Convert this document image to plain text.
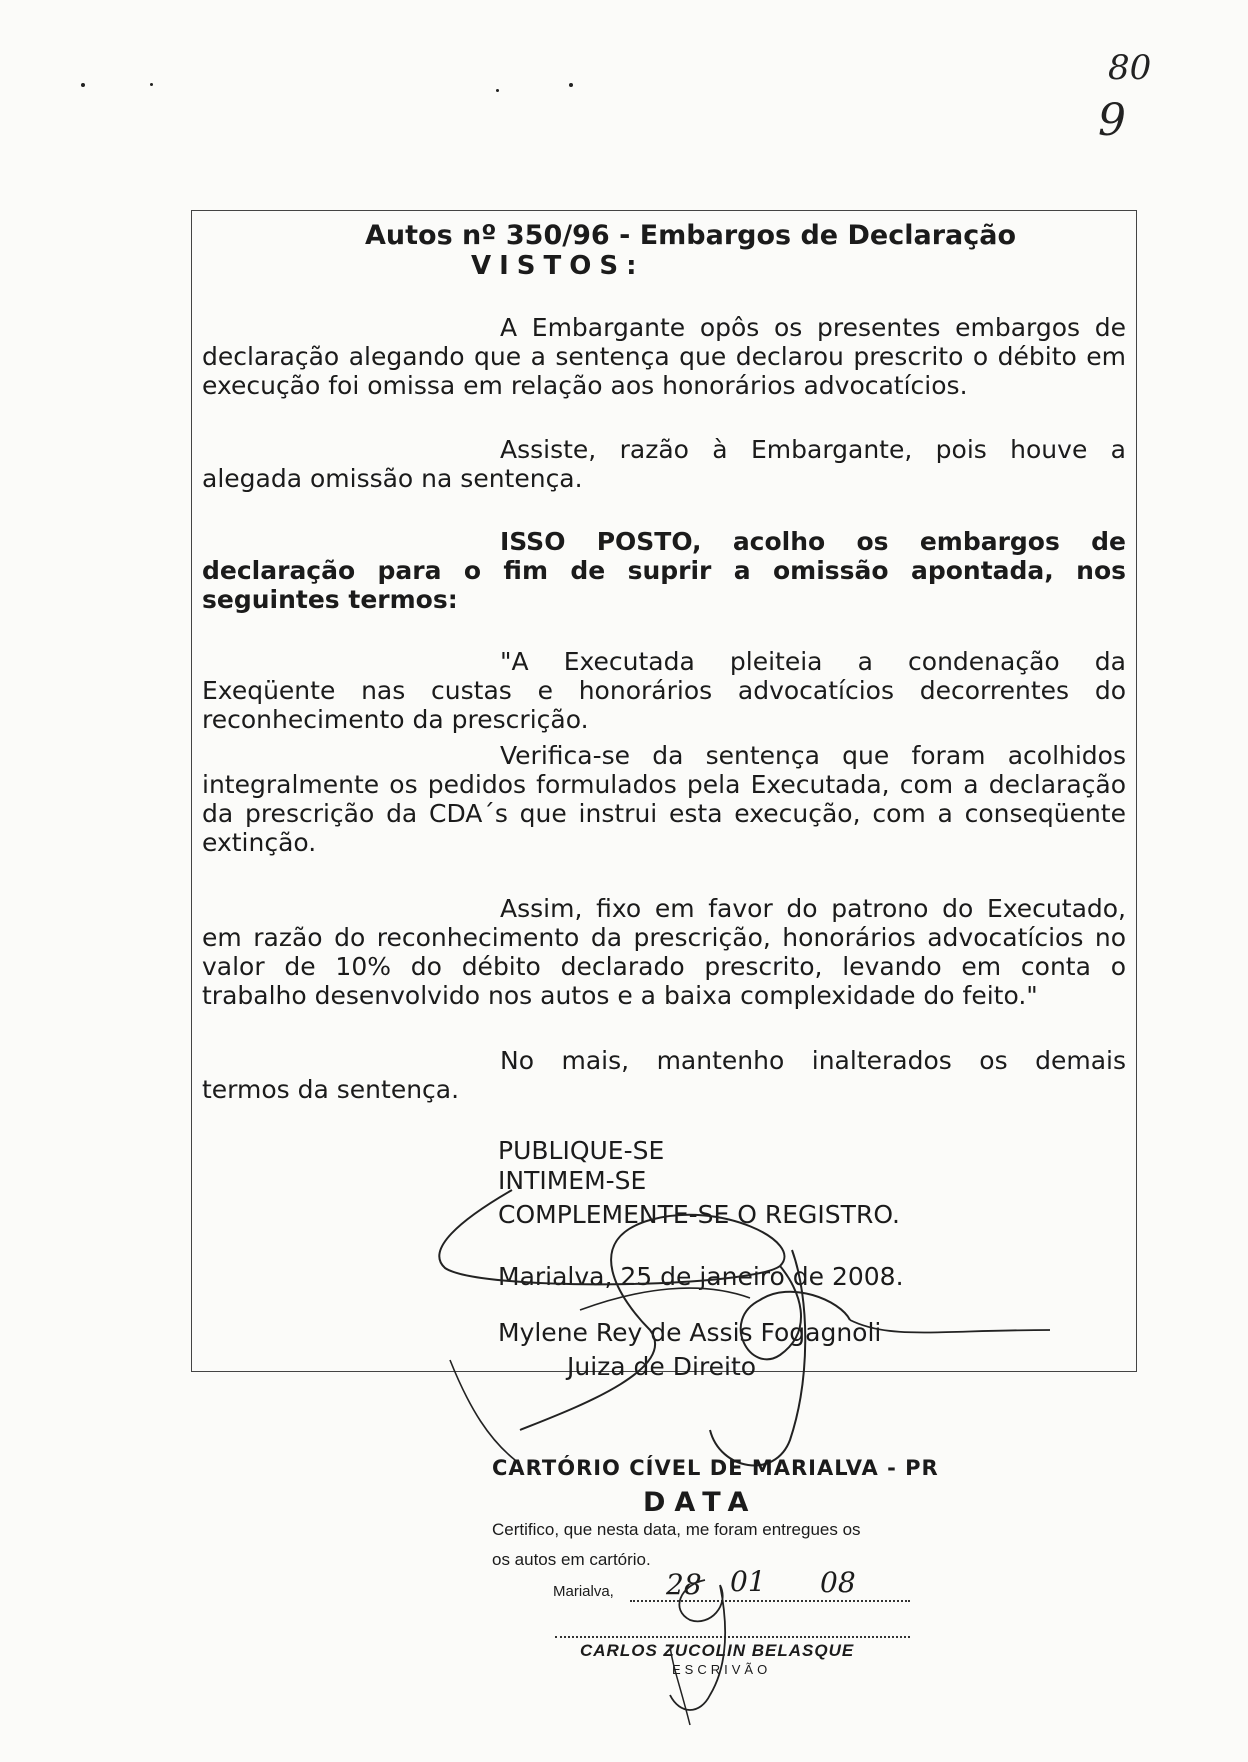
80
9
Autos nº 350/96 - Embargos de Declaração
VISTOS:
A Embargante opôs os presentes embargos de
declaração alegando que a sentença que declarou prescrito o débito em
execução foi omissa em relação aos honorários advocatícios.
Assiste, razão à Embargante, pois houve a
alegada omissão na sentença.
ISSO POSTO, acolho os embargos de
declaração para o fim de suprir a omissão apontada, nos
seguintes termos:
"A Executada pleiteia a condenação da
Exeqüente nas custas e honorários advocatícios decorrentes do
reconhecimento da prescrição.
Verifica-se da sentença que foram acolhidos
integralmente os pedidos formulados pela Executada, com a declaração
da prescrição da CDA´s que instrui esta execução, com a conseqüente
extinção.
Assim, fixo em favor do patrono do Executado,
em razão do reconhecimento da prescrição, honorários advocatícios no
valor de 10% do débito declarado prescrito, levando em conta o
trabalho desenvolvido nos autos e a baixa complexidade do feito."
No mais, mantenho inalterados os demais
termos da sentença.
PUBLIQUE-SE
INTIMEM-SE
COMPLEMENTE-SE O REGISTRO.
Marialva, 25 de janeiro de 2008.
Mylene Rey de Assis Fogagnoli
Juiza de Direito
CARTÓRIO CÍVEL DE MARIALVA - PR
DATA
Certifico, que nesta data, me foram entregues os
os autos em cartório.
Marialva, 28 01 08
CARLOS ZUCOLIN BELASQUE
ESCRIVÃO
